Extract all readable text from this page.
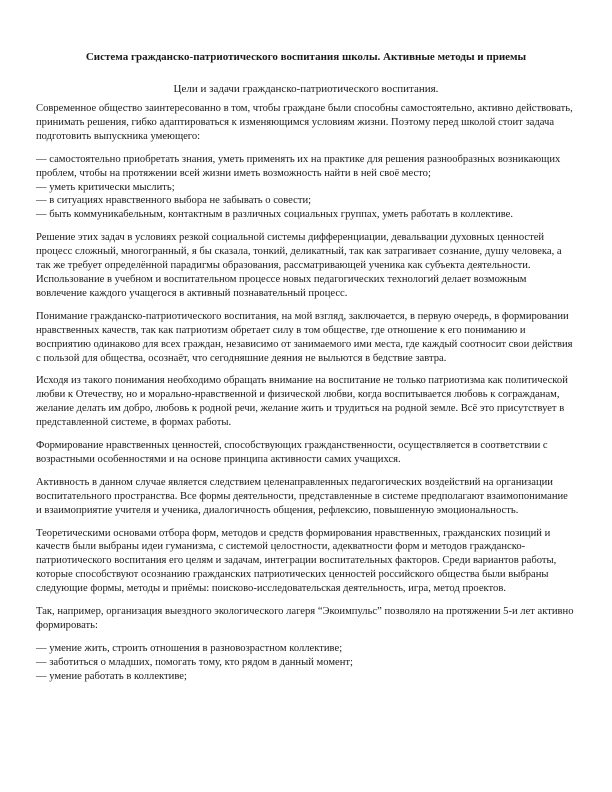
Система гражданско-патриотического воспитания школы. Активные методы и приемы
Цели и задачи гражданско-патриотического воспитания.

Современное общество заинтересованно в том, чтобы граждане были способны самостоятельно, активно действовать, принимать решения, гибко адаптироваться к изменяющимся условиям жизни. Поэтому перед школой стоит задача подготовить выпускника умеющего:

— самостоятельно приобретать знания, уметь применять их на практике для решения разнообразных возникающих проблем, чтобы на протяжении всей жизни иметь возможность найти в ней своё место;

— уметь критически мыслить;

— в ситуациях нравственного выбора не забывать о совести;

— быть коммуникабельным, контактным в различных социальных группах, уметь работать в коллективе.

Решение этих задач в условиях резкой социальной системы дифференциации, девальвации духовных ценностей процесс сложный, многогранный, я бы сказала, тонкий, деликатный, так как затрагивает сознание, душу человека, а так же требует определённой парадигмы образования, рассматривающей ученика как субъекта деятельности. Использование в учебном и воспитательном процессе новых педагогических технологий делает возможным вовлечение каждого учащегося в активный познавательный процесс.

Понимание гражданско-патриотического воспитания, на мой взгляд, заключается, в первую очередь, в формировании нравственных качеств, так как патриотизм обретает силу в том обществе, где отношение к его пониманию и восприятию одинаково для всех граждан, независимо от занимаемого ими места, где каждый соотносит свои действия с пользой для общества, осознаёт, что сегодняшние деяния не выльются в бедствие завтра.

Исходя из такого понимания необходимо обращать внимание на воспитание не только патриотизма как политической любви к Отечеству, но и морально-нравственной и физической любви, когда воспитывается любовь к согражданам, желание делать им добро, любовь к родной речи, желание жить и трудиться на родной земле. Всё это присутствует в представленной системе, в формах работы.

Формирование нравственных ценностей, способствующих гражданственности, осуществляется в соответствии с возрастными особенностями и на основе принципа активности самих учащихся.

Активность в данном случае является следствием целенаправленных педагогических воздействий на организации воспитательного пространства. Все формы деятельности, представленные в системе предполагают взаимопонимание и взаимоприятие учителя и ученика, диалогичность общения, рефлексию, повышенную эмоциональность.

Теоретическими основами отбора форм, методов и средств формирования нравственных, гражданских позиций и качеств были выбраны идеи гуманизма, с системой целостности, адекватности форм и методов гражданско-патриотического воспитания его целям и задачам, интеграции воспитательных факторов. Среди вариантов работы, которые способствуют осознанию гражданских патриотических ценностей российского общества были выбраны следующие формы, методы и приёмы: поисково-исследовательская деятельность, игра, метод проектов.

Так, например, организация выездного экологического лагеря “Экоимпульс” позволяло на протяжении 5-и лет активно формировать:

— умение жить, строить отношения в разновозрастном коллективе;

— заботиться о младших, помогать тому, кто рядом в данный момент;

— умение работать в коллективе;
